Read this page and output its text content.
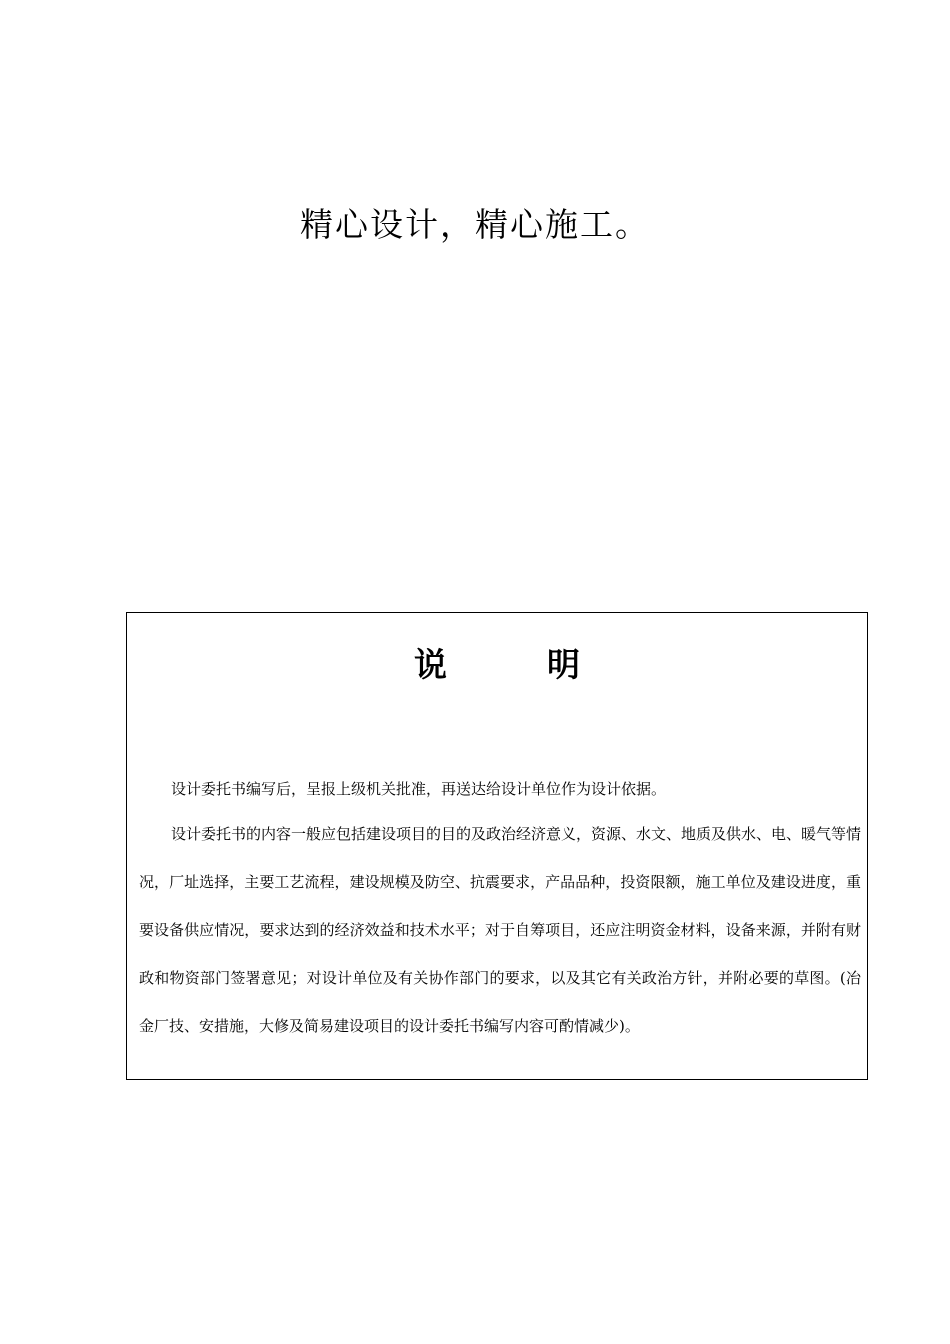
精心设计，精心施工。
说	明
设计委托书编写后，呈报上级机关批准，再送达给设计单位作为设计依据。
设计委托书的内容一般应包括建设项目的目的及政治经济意义，资源、水文、地质及供水、电、暖气等情况，厂址选择，主要工艺流程，建设规模及防空、抗震要求，产品品种，投资限额，施工单位及建设进度，重要设备供应情况，要求达到的经济效益和技术水平；对于自筹项目，还应注明资金材料，设备来源，并附有财政和物资部门签署意见；对设计单位及有关协作部门的要求，以及其它有关政治方针，并附必要的草图。(冶金厂技、安措施，大修及简易建设项目的设计委托书编写内容可酌情减少)。
